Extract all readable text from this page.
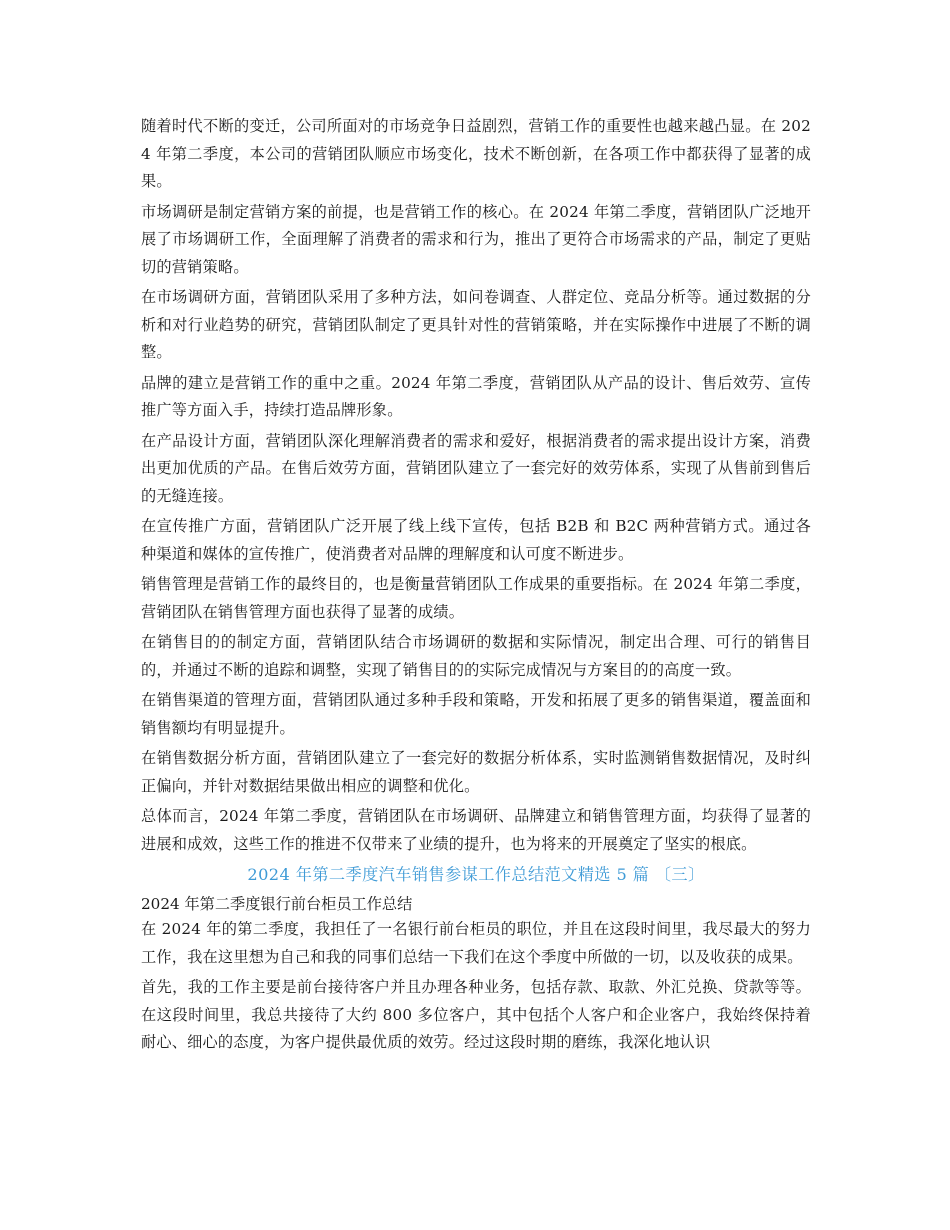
随着时代不断的变迁，公司所面对的市场竞争日益剧烈，营销工作的重要性也越来越凸显。在 2024 年第二季度，本公司的营销团队顺应市场变化，技术不断创新，在各项工作中都获得了显著的成果。

市场调研是制定营销方案的前提，也是营销工作的核心。在 2024 年第二季度，营销团队广泛地开展了市场调研工作，全面理解了消费者的需求和行为，推出了更符合市场需求的产品，制定了更贴切的营销策略。

在市场调研方面，营销团队采用了多种方法，如问卷调查、人群定位、竞品分析等。通过数据的分析和对行业趋势的研究，营销团队制定了更具针对性的营销策略，并在实际操作中进展了不断的调整。

品牌的建立是营销工作的重中之重。2024 年第二季度，营销团队从产品的设计、售后效劳、宣传推广等方面入手，持续打造品牌形象。

在产品设计方面，营销团队深化理解消费者的需求和爱好，根据消费者的需求提出设计方案，消费出更加优质的产品。在售后效劳方面，营销团队建立了一套完好的效劳体系，实现了从售前到售后的无缝连接。

在宣传推广方面，营销团队广泛开展了线上线下宣传，包括 B2B 和 B2C 两种营销方式。通过各种渠道和媒体的宣传推广，使消费者对品牌的理解度和认可度不断进步。

销售管理是营销工作的最终目的，也是衡量营销团队工作成果的重要指标。在 2024 年第二季度，营销团队在销售管理方面也获得了显著的成绩。

在销售目的的制定方面，营销团队结合市场调研的数据和实际情况，制定出合理、可行的销售目的，并通过不断的追踪和调整，实现了销售目的的实际完成情况与方案目的的高度一致。

在销售渠道的管理方面，营销团队通过多种手段和策略，开发和拓展了更多的销售渠道，覆盖面和销售额均有明显提升。

在销售数据分析方面，营销团队建立了一套完好的数据分析体系，实时监测销售数据情况，及时纠正偏向，并针对数据结果做出相应的调整和优化。

总体而言，2024 年第二季度，营销团队在市场调研、品牌建立和销售管理方面，均获得了显著的进展和成效，这些工作的推进不仅带来了业绩的提升，也为将来的开展奠定了坚实的根底。

2024 年第二季度汽车销售参谋工作总结范文精选 5 篇 〔三〕
2024 年第二季度银行前台柜员工作总结

在 2024 年的第二季度，我担任了一名银行前台柜员的职位，并且在这段时间里，我尽最大的努力工作，我在这里想为自己和我的同事们总结一下我们在这个季度中所做的一切，以及收获的成果。

首先，我的工作主要是前台接待客户并且办理各种业务，包括存款、取款、外汇兑换、贷款等等。在这段时间里，我总共接待了大约 800 多位客户，其中包括个人客户和企业客户，我始终保持着耐心、细心的态度，为客户提供最优质的效劳。经过这段时期的磨练，我深化地认识
